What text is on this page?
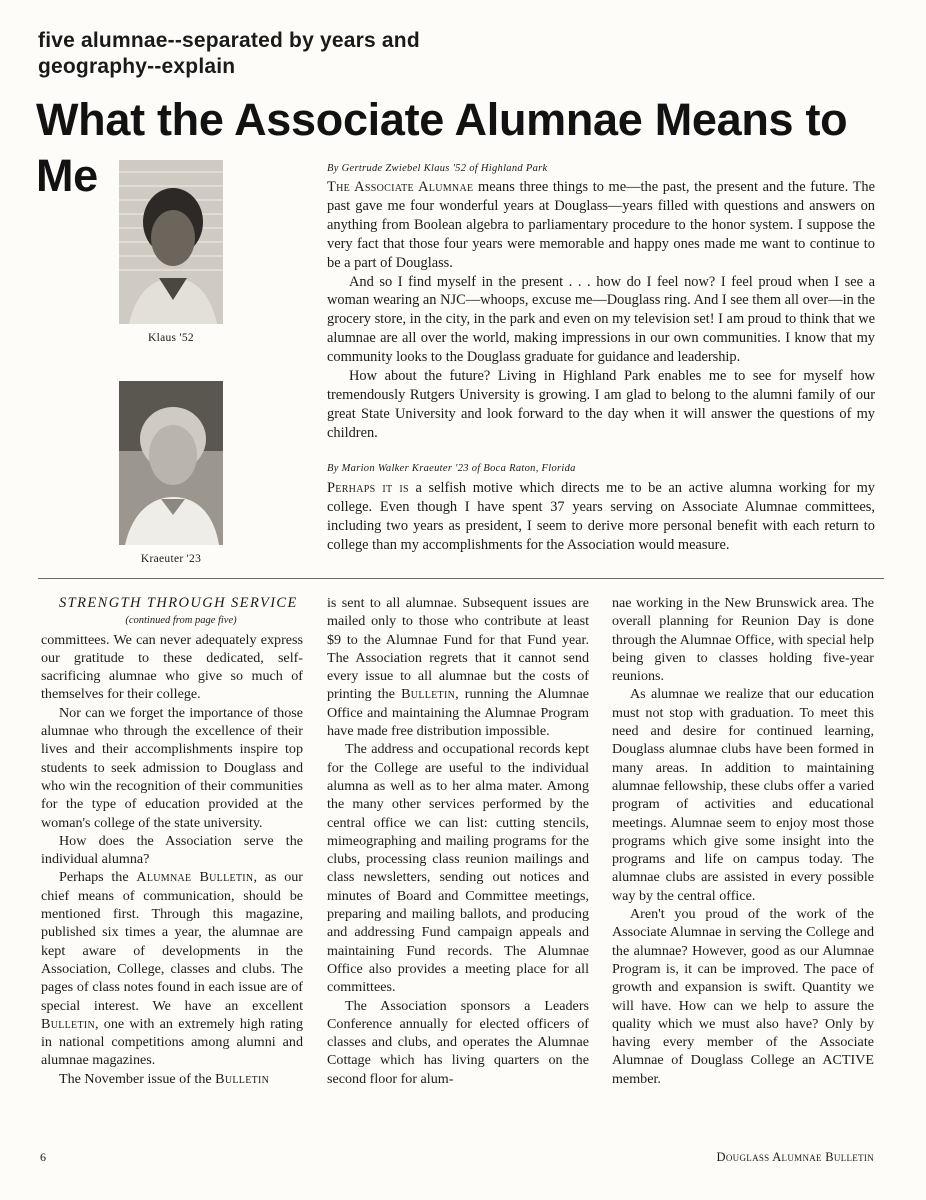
five alumnae--separated by years and geography--explain
What the Associate Alumnae Means to Me
Klaus '52
Kraeuter '23

By Gertrude Zwiebel Klaus '52 of Highland Park

The Associate Alumnae means three things to me—the past, the present and the future. The past gave me four wonderful years at Douglass—years filled with questions and answers on anything from Boolean algebra to parliamentary procedure to the honor system. I suppose the very fact that those four years were memorable and happy ones made me want to continue to be a part of Douglass.

And so I find myself in the present . . . how do I feel now? I feel proud when I see a woman wearing an NJC—whoops, excuse me—Douglass ring. And I see them all over—in the grocery store, in the city, in the park and even on my television set! I am proud to think that we alumnae are all over the world, making impressions in our own communities. I know that my community looks to the Douglass graduate for guidance and leadership.

How about the future? Living in Highland Park enables me to see for myself how tremendously Rutgers University is growing. I am glad to belong to the alumni family of our great State University and look forward to the day when it will answer the questions of my children.

By Marion Walker Kraeuter '23 of Boca Raton, Florida

Perhaps it is a selfish motive which directs me to be an active alumna working for my college. Even though I have spent 37 years serving on Associate Alumnae committees, including two years as president, I seem to derive more personal benefit with each return to college than my accomplishments for the Association would measure.

STRENGTH THROUGH SERVICE

(continued from page five)

committees. We can never adequately express our gratitude to these dedicated, self-sacrificing alumnae who give so much of themselves for their college.

Nor can we forget the importance of those alumnae who through the excellence of their lives and their accomplishments inspire top students to seek admission to Douglass and who win the recognition of their communities for the type of education provided at the woman's college of the state university.

How does the Association serve the individual alumna?

Perhaps the Alumnae Bulletin, as our chief means of communication, should be mentioned first. Through this magazine, published six times a year, the alumnae are kept aware of developments in the Association, College, classes and clubs. The pages of class notes found in each issue are of special interest. We have an excellent Bulletin, one with an extremely high rating in national competitions among alumni and alumnae magazines.

The November issue of the Bulletin

is sent to all alumnae. Subsequent issues are mailed only to those who contribute at least $9 to the Alumnae Fund for that Fund year. The Association regrets that it cannot send every issue to all alumnae but the costs of printing the Bulletin, running the Alumnae Office and maintaining the Alumnae Program have made free distribution impossible.

The address and occupational records kept for the College are useful to the individual alumna as well as to her alma mater. Among the many other services performed by the central office we can list: cutting stencils, mimeographing and mailing programs for the clubs, processing class reunion mailings and class newsletters, sending out notices and minutes of Board and Committee meetings, preparing and mailing ballots, and producing and addressing Fund campaign appeals and maintaining Fund records. The Alumnae Office also provides a meeting place for all committees.

The Association sponsors a Leaders Conference annually for elected officers of classes and clubs, and operates the Alumnae Cottage which has living quarters on the second floor for alum-

nae working in the New Brunswick area. The overall planning for Reunion Day is done through the Alumnae Office, with special help being given to classes holding five-year reunions.

As alumnae we realize that our education must not stop with graduation. To meet this need and desire for continued learning, Douglass alumnae clubs have been formed in many areas. In addition to maintaining alumnae fellowship, these clubs offer a varied program of activities and educational meetings. Alumnae seem to enjoy most those programs which give some insight into the programs and life on campus today. The alumnae clubs are assisted in every possible way by the central office.

Aren't you proud of the work of the Associate Alumnae in serving the College and the alumnae? However, good as our Alumnae Program is, it can be improved. The pace of growth and expansion is swift. Quantity we will have. How can we help to assure the quality which we must also have? Only by having every member of the Associate Alumnae of Douglass College an ACTIVE member.

6	Douglass Alumnae Bulletin
